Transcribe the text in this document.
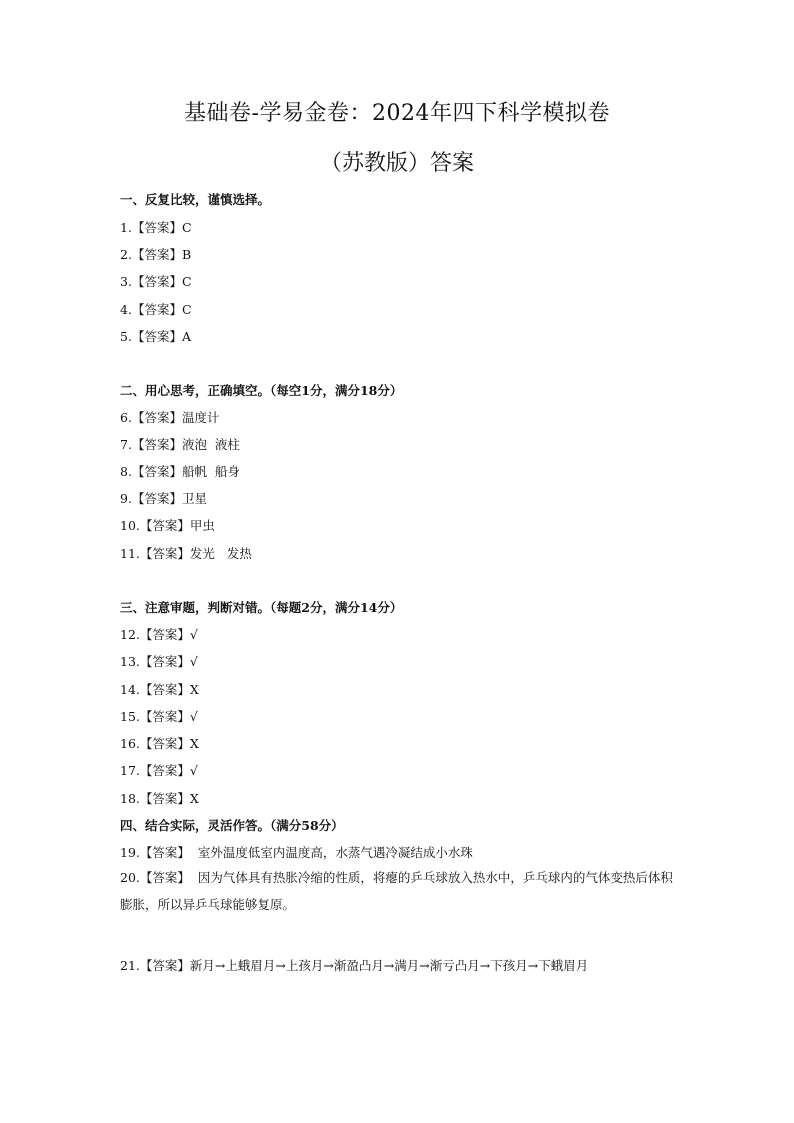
基础卷-学易金卷：2024年四下科学模拟卷
（苏教版）答案
一、反复比较，谨慎选择。
1.【答案】C
2.【答案】B
3.【答案】C
4.【答案】C
5.【答案】A
二、用心思考，正确填空。（每空1分，满分18分）
6.【答案】温度计
7.【答案】液泡  液柱
8.【答案】船帆  船身
9.【答案】卫星
10.【答案】甲虫
11.【答案】发光   发热
三、注意审题，判断对错。（每题2分，满分14分）
12.【答案】√
13.【答案】√
14.【答案】X
15.【答案】√
16.【答案】X
17.【答案】√
18.【答案】X
四、结合实际，灵活作答。（满分58分）
19.【答案】  室外温度低室内温度高，水蒸气遇冷凝结成小水珠
20.【答案】  因为气体具有热胀冷缩的性质，将瘪的乒乓球放入热水中，乒乓球内的气体变热后体积膨胀，所以异乒乓球能够复原。
21.【答案】新月→上蛾眉月→上孩月→渐盈凸月→满月→渐亏凸月→下孩月→下蛾眉月
